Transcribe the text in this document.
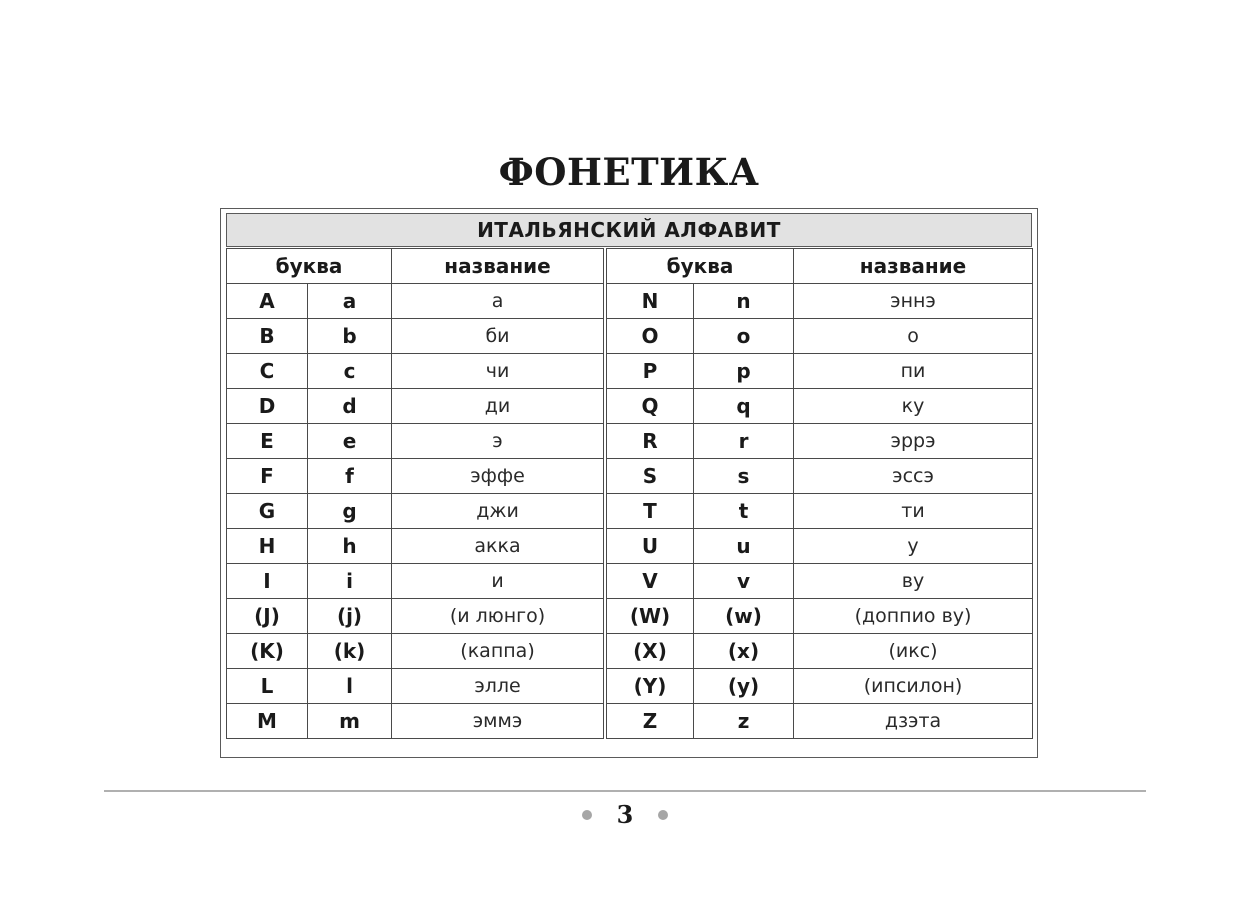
ФОНЕТИКА
ИТАЛЬЯНСКИЙ АЛФАВИТ
буква		название
A	a	а
B	b	би
C	c	чи
D	d	ди
E	e	э
F	f	эффе
G	g	джи
H	h	акка
I	i	и
(J)	(j)	(и люнго)
(K)	(k)	(каппа)
L	l	элле
M	m	эммэ
буква		название
N	n	эннэ
O	o	о
P	p	пи
Q	q	ку
R	r	эррэ
S	s	эссэ
T	t	ти
U	u	у
V	v	ву
(W)	(w)	(доппио ву)
(X)	(x)	(икс)
(Y)	(y)	(ипсилон)
Z	z	дзэта
3
